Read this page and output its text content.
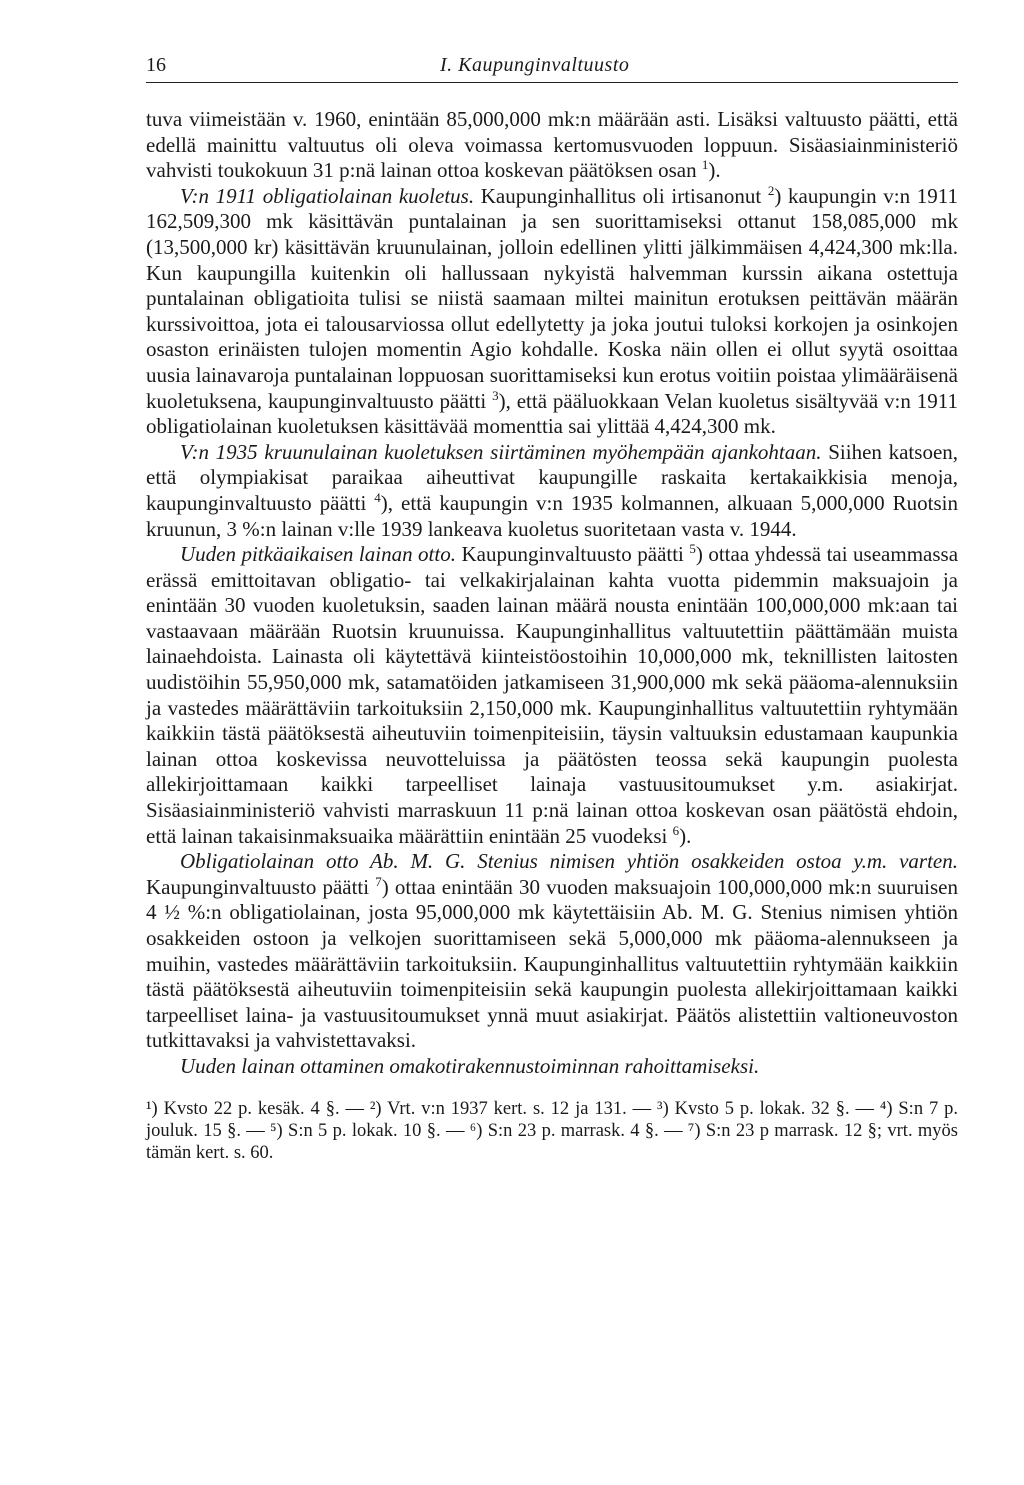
16	I. Kaupunginvaltuusto

tuva viimeistään v. 1960, enintään 85,000,000 mk:n määrään asti. Lisäksi valtuusto päätti, että edellä mainittu valtuutus oli oleva voimassa kertomusvuoden loppuun. Sisäasiainministeriö vahvisti toukokuun 31 p:nä lainan ottoa koskevan päätöksen osan $^1$).

V:n 1911 obligatiolainan kuoletus. Kaupunginhallitus oli irtisanonut $^2$) kaupungin v:n 1911 162,509,300 mk käsittävän puntalainan ja sen suorittamiseksi ottanut 158,085,000 mk (13,500,000 kr) käsittävän kruunulainan, jolloin edellinen ylitti jälkimmäisen 4,424,300 mk:lla. Kun kaupungilla kuitenkin oli hallussaan nykyistä halvemman kurssin aikana ostettuja puntalainan obligatioita tulisi se niistä saamaan miltei mainitun erotuksen peittävän määrän kurssivoittoa, jota ei talousarviossa ollut edellytetty ja joka joutui tuloksi korkojen ja osinkojen osaston erinäisten tulojen momentin Agio kohdalle. Koska näin ollen ei ollut syytä osoittaa uusia lainavaroja puntalainan loppuosan suorittamiseksi kun erotus voitiin poistaa ylimääräisenä kuoletuksena, kaupunginvaltuusto päätti $^3$), että pääluokkaan Velan kuoletus sisältyvää v:n 1911 obligatiolainan kuoletuksen käsittävää momenttia sai ylittää 4,424,300 mk.

V:n 1935 kruunulainan kuoletuksen siirtäminen myöhempään ajankohtaan. Siihen katsoen, että olympiakisat paraikaa aiheuttivat kaupungille raskaita kertakaikkisia menoja, kaupunginvaltuusto päätti $^4$), että kaupungin v:n 1935 kolmannen, alkuaan 5,000,000 Ruotsin kruunun, 3 %:n lainan v:lle 1939 lankeava kuoletus suoritetaan vasta v. 1944.

Uuden pitkäaikaisen lainan otto. Kaupunginvaltuusto päätti $^5$) ottaa yhdessä tai useammassa erässä emittoitavan obligatio- tai velkakirjalainan kahta vuotta pidemmin maksuajoin ja enintään 30 vuoden kuoletuksin, saaden lainan määrä nousta enintään 100,000,000 mk:aan tai vastaavaan määrään Ruotsin kruunuissa. Kaupunginhallitus valtuutettiin päättämään muista lainaehdoista. Lainasta oli käytettävä kiinteistöostoihin 10,000,000 mk, teknillisten laitosten uudistöihin 55,950,000 mk, satamatöiden jatkamiseen 31,900,000 mk sekä pääoma-alennuksiin ja vastedes määrättäviin tarkoituksiin 2,150,000 mk. Kaupunginhallitus valtuutettiin ryhtymään kaikkiin tästä päätöksestä aiheutuviin toimenpiteisiin, täysin valtuuksin edustamaan kaupunkia lainan ottoa koskevissa neuvotteluissa ja päätösten teossa sekä kaupungin puolesta allekirjoittamaan kaikki tarpeelliset lainaja vastuusitoumukset y.m. asiakirjat. Sisäasiainministeriö vahvisti marraskuun 11 p:nä lainan ottoa koskevan osan päätöstä ehdoin, että lainan takaisinmaksuaika määrättiin enintään 25 vuodeksi $^6$).

Obligatiolainan otto Ab. M. G. Stenius nimisen yhtiön osakkeiden ostoa y.m. varten. Kaupunginvaltuusto päätti $^7$) ottaa enintään 30 vuoden maksuajoin 100,000,000 mk:n suuruisen 4 ½ %:n obligatiolainan, josta 95,000,000 mk käytettäisiin Ab. M. G. Stenius nimisen yhtiön osakkeiden ostoon ja velkojen suorittamiseen sekä 5,000,000 mk pääoma-alennukseen ja muihin, vastedes määrättäviin tarkoituksiin. Kaupunginhallitus valtuutettiin ryhtymään kaikkiin tästä päätöksestä aiheutuviin toimenpiteisiin sekä kaupungin puolesta allekirjoittamaan kaikki tarpeelliset laina- ja vastuusitoumukset ynnä muut asiakirjat. Päätös alistettiin valtioneuvoston tutkittavaksi ja vahvistettavaksi.

Uuden lainan ottaminen omakotirakennustoiminnan rahoittamiseksi.

¹) Kvsto 22 p. kesäk. 4 §. — ²) Vrt. v:n 1937 kert. s. 12 ja 131. — ³) Kvsto 5 p. lokak. 32 §. — ⁴) S:n 7 p. jouluk. 15 §. — ⁵) S:n 5 p. lokak. 10 §. — ⁶) S:n 23 p. marrask. 4 §. — ⁷) S:n 23 p marrask. 12 §; vrt. myös tämän kert. s. 60.
